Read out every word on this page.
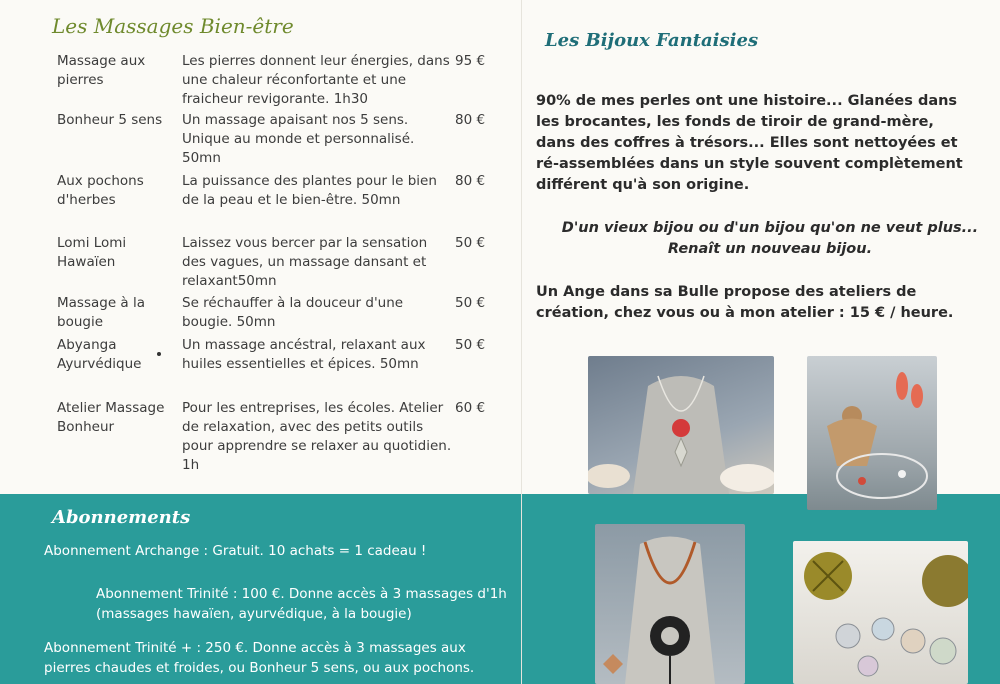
Les Massages Bien-être
Massage aux pierres
Les pierres donnent leur énergies, dans une chaleur réconfortante et une fraicheur revigorante. 1h30
95 €
Bonheur 5 sens	Un massage apaisant nos 5 sens. Unique au monde et personnalisé. 50mn
80 €
Aux pochons d'herbes
La puissance des plantes pour le bien de la peau et le bien-être. 50mn
80 €
Lomi Lomi Hawaïen
Laissez vous bercer par la sensation des vagues, un massage dansant et relaxant50mn
50 €
Massage à la bougie
Se réchauffer à la douceur d'une bougie. 50mn
50 €
Abyanga Ayurvédique
Un massage ancéstral, relaxant aux huiles essentielles et épices. 50mn
50 €
Atelier Massage Bonheur
Pour les entreprises, les écoles. Atelier de relaxation, avec des petits outils pour apprendre se relaxer au quotidien. 1h
60 €
Abonnements
Abonnement Archange : Gratuit. 10 achats = 1 cadeau !
Abonnement Trinité : 100 €. Donne accès à 3 massages d'1h
(massages hawaïen, ayurvédique, à la bougie)
Abonnement Trinité + : 250 €. Donne accès à 3 massages aux
pierres chaudes et froides, ou Bonheur 5 sens, ou aux pochons.
Les Bijoux Fantaisies

90% de mes perles ont une histoire... Glanées dans les brocantes, les fonds de tiroir de grand-mère, dans des coffres à trésors... Elles sont nettoyées et ré-assemblées dans un style souvent complètement différent qu'à son origine.

D'un vieux bijou ou d'un bijou qu'on ne veut plus...
Renaît un nouveau bijou.

Un Ange dans sa Bulle propose des ateliers de création, chez vous ou à mon atelier : 15 € / heure.
